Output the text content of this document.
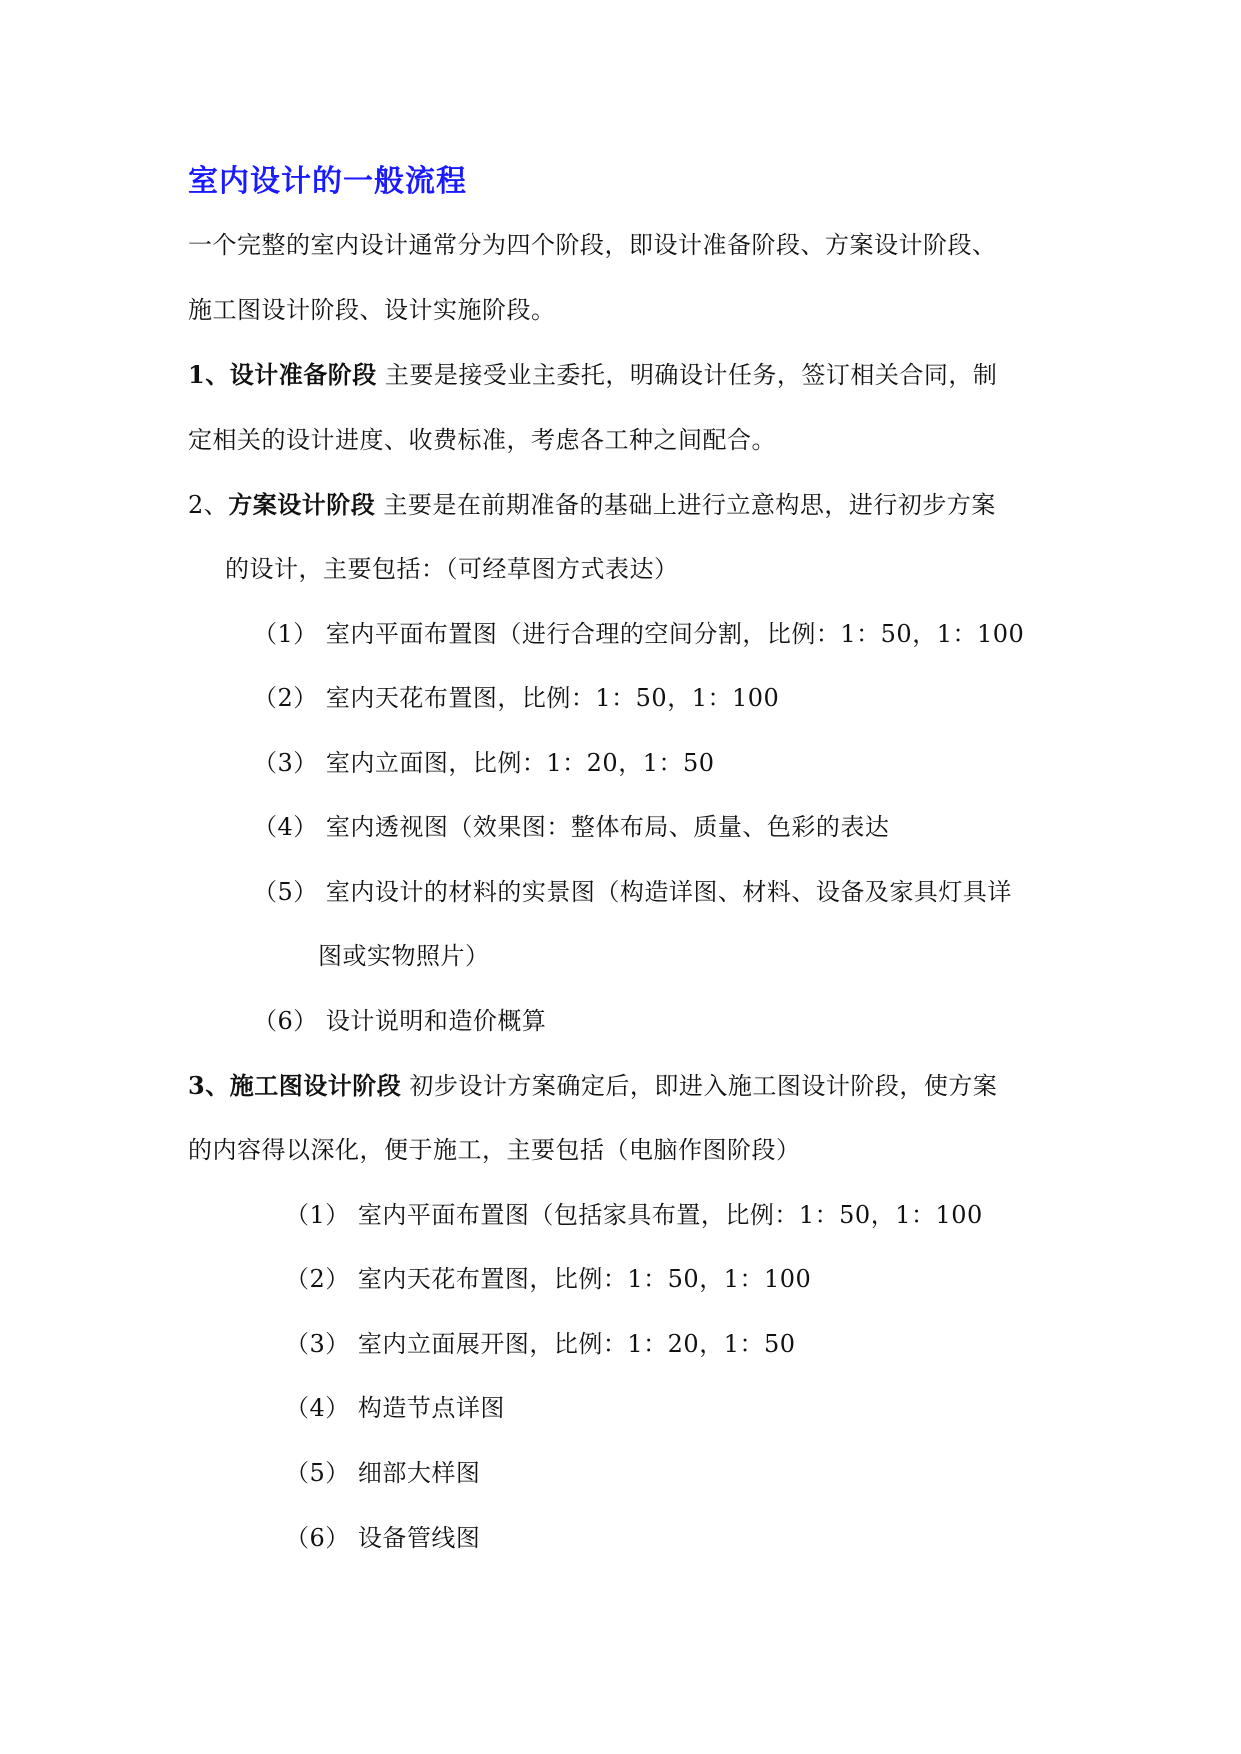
室内设计的一般流程
一个完整的室内设计通常分为四个阶段，即设计准备阶段、方案设计阶段、
施工图设计阶段、设计实施阶段。
1、设计准备阶段 主要是接受业主委托，明确设计任务，签订相关合同，制
定相关的设计进度、收费标准，考虑各工种之间配合。
2、方案设计阶段 主要是在前期准备的基础上进行立意构思，进行初步方案
的设计，主要包括：（可经草图方式表达）
（1） 室内平面布置图（进行合理的空间分割，比例：1：50，1：100
（2） 室内天花布置图，比例：1：50，1：100
（3） 室内立面图，比例：1：20，1：50
（4） 室内透视图（效果图：整体布局、质量、色彩的表达
（5） 室内设计的材料的实景图（构造详图、材料、设备及家具灯具详
图或实物照片）
（6） 设计说明和造价概算
3、施工图设计阶段 初步设计方案确定后，即进入施工图设计阶段，使方案
的内容得以深化，便于施工，主要包括（电脑作图阶段）
（1） 室内平面布置图（包括家具布置，比例：1：50，1：100
（2） 室内天花布置图，比例：1：50，1：100
（3） 室内立面展开图，比例：1：20，1：50
（4） 构造节点详图
（5） 细部大样图
（6） 设备管线图
